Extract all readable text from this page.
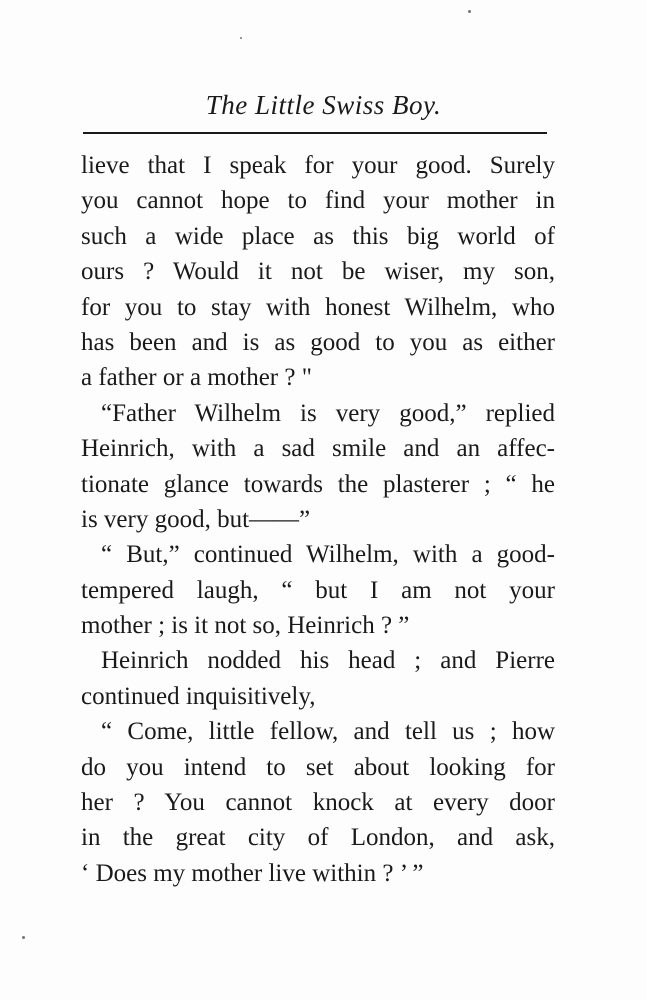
The Little Swiss Boy.
lieve that I speak for your good. Surely
you cannot hope to find your mother in
such a wide place as this big world of
ours ? Would it not be wiser, my son,
for you to stay with honest Wilhelm, who
has been and is as good to you as either
a father or a mother ? "
“Father Wilhelm is very good,” replied
Heinrich, with a sad smile and an affec-
tionate glance towards the plasterer ; “ he
is very good, but——”
“ But,” continued Wilhelm, with a good-
tempered laugh, “ but I am not your
mother ; is it not so, Heinrich ? ”
Heinrich nodded his head ; and Pierre
continued inquisitively,
“ Come, little fellow, and tell us ; how
do you intend to set about looking for
her ? You cannot knock at every door
in the great city of London, and ask,
‘ Does my mother live within ? ’ ”
